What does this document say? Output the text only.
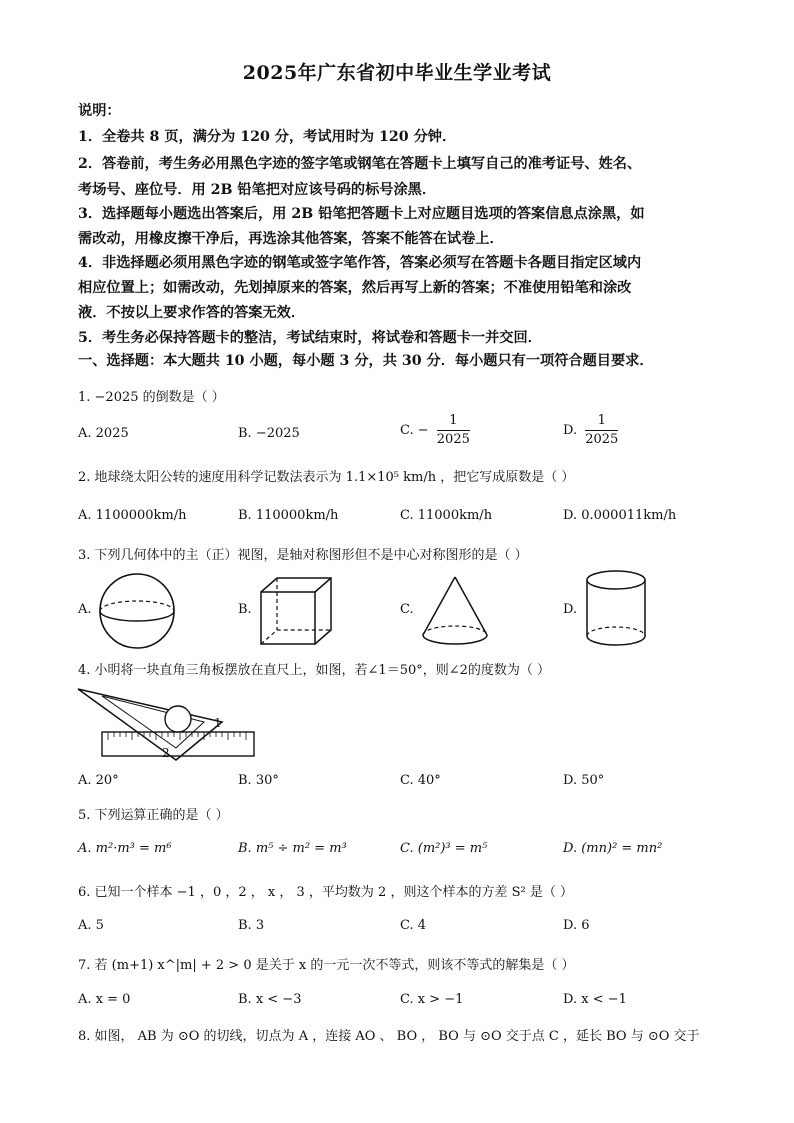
2025年广东省初中毕业生学业考试
说明：
1．全卷共 8 页，满分为 120 分，考试用时为 120 分钟．
2．答卷前，考生务必用黑色字迹的签字笔或钢笔在答题卡上填写自己的准考证号、姓名、
考场号、座位号．用 2B 铅笔把对应该号码的标号涂黑．
3．选择题每小题选出答案后，用 2B 铅笔把答题卡上对应题目选项的答案信息点涂黑，如
需改动，用橡皮擦干净后，再选涂其他答案，答案不能答在试卷上．
4．非选择题必须用黑色字迹的钢笔或签字笔作答，答案必须写在答题卡各题目指定区域内
相应位置上；如需改动，先划掉原来的答案，然后再写上新的答案；不准使用铅笔和涂改
液．不按以上要求作答的答案无效．
5．考生务必保持答题卡的整洁，考试结束时，将试卷和答题卡一并交回．
一、选择题：本大题共 10 小题，每小题 3 分，共 30 分．每小题只有一项符合题目要求．
1. −2025 的倒数是（ ）
A. 2025	B. −2025	C. − $\frac{1}{2025}$	D. $\frac{1}{2025}$
2. 地球绕太阳公转的速度用科学记数法表示为 1.1×10⁵ km/h ，把它写成原数是（ ）
A. 1100000km/h	B. 110000km/h	C. 11000km/h	D. 0.000011km/h
3. 下列几何体中的主（正）视图，是轴对称图形但不是中心对称图形的是（ ）
A.	B.	C.	D.
4. 小明将一块直角三角板摆放在直尺上，如图，若∠1＝50°，则∠2的度数为（ ）
1
2
A. 20°	B. 30°	C. 40°	D. 50°
5. 下列运算正确的是（ ）
A. m²·m³ = m⁶	B. m⁵ ÷ m² = m³	C. (m²)³ = m⁵	D. (mn)² = mn²
6. 已知一个样本 −1 ，0 ，2 ， x ， 3 ，平均数为 2 ，则这个样本的方差 S² 是（ ）
A. 5	B. 3	C. 4	D. 6
7. 若 (m+1) x^|m| + 2 > 0 是关于 x 的一元一次不等式，则该不等式的解集是（ ）
A. x = 0	B. x < −3	C. x > −1	D. x < −1
8. 如图， AB 为 ⊙O 的切线，切点为 A ，连接 AO 、 BO ， BO 与 ⊙O 交于点 C ，延长 BO 与 ⊙O 交于
